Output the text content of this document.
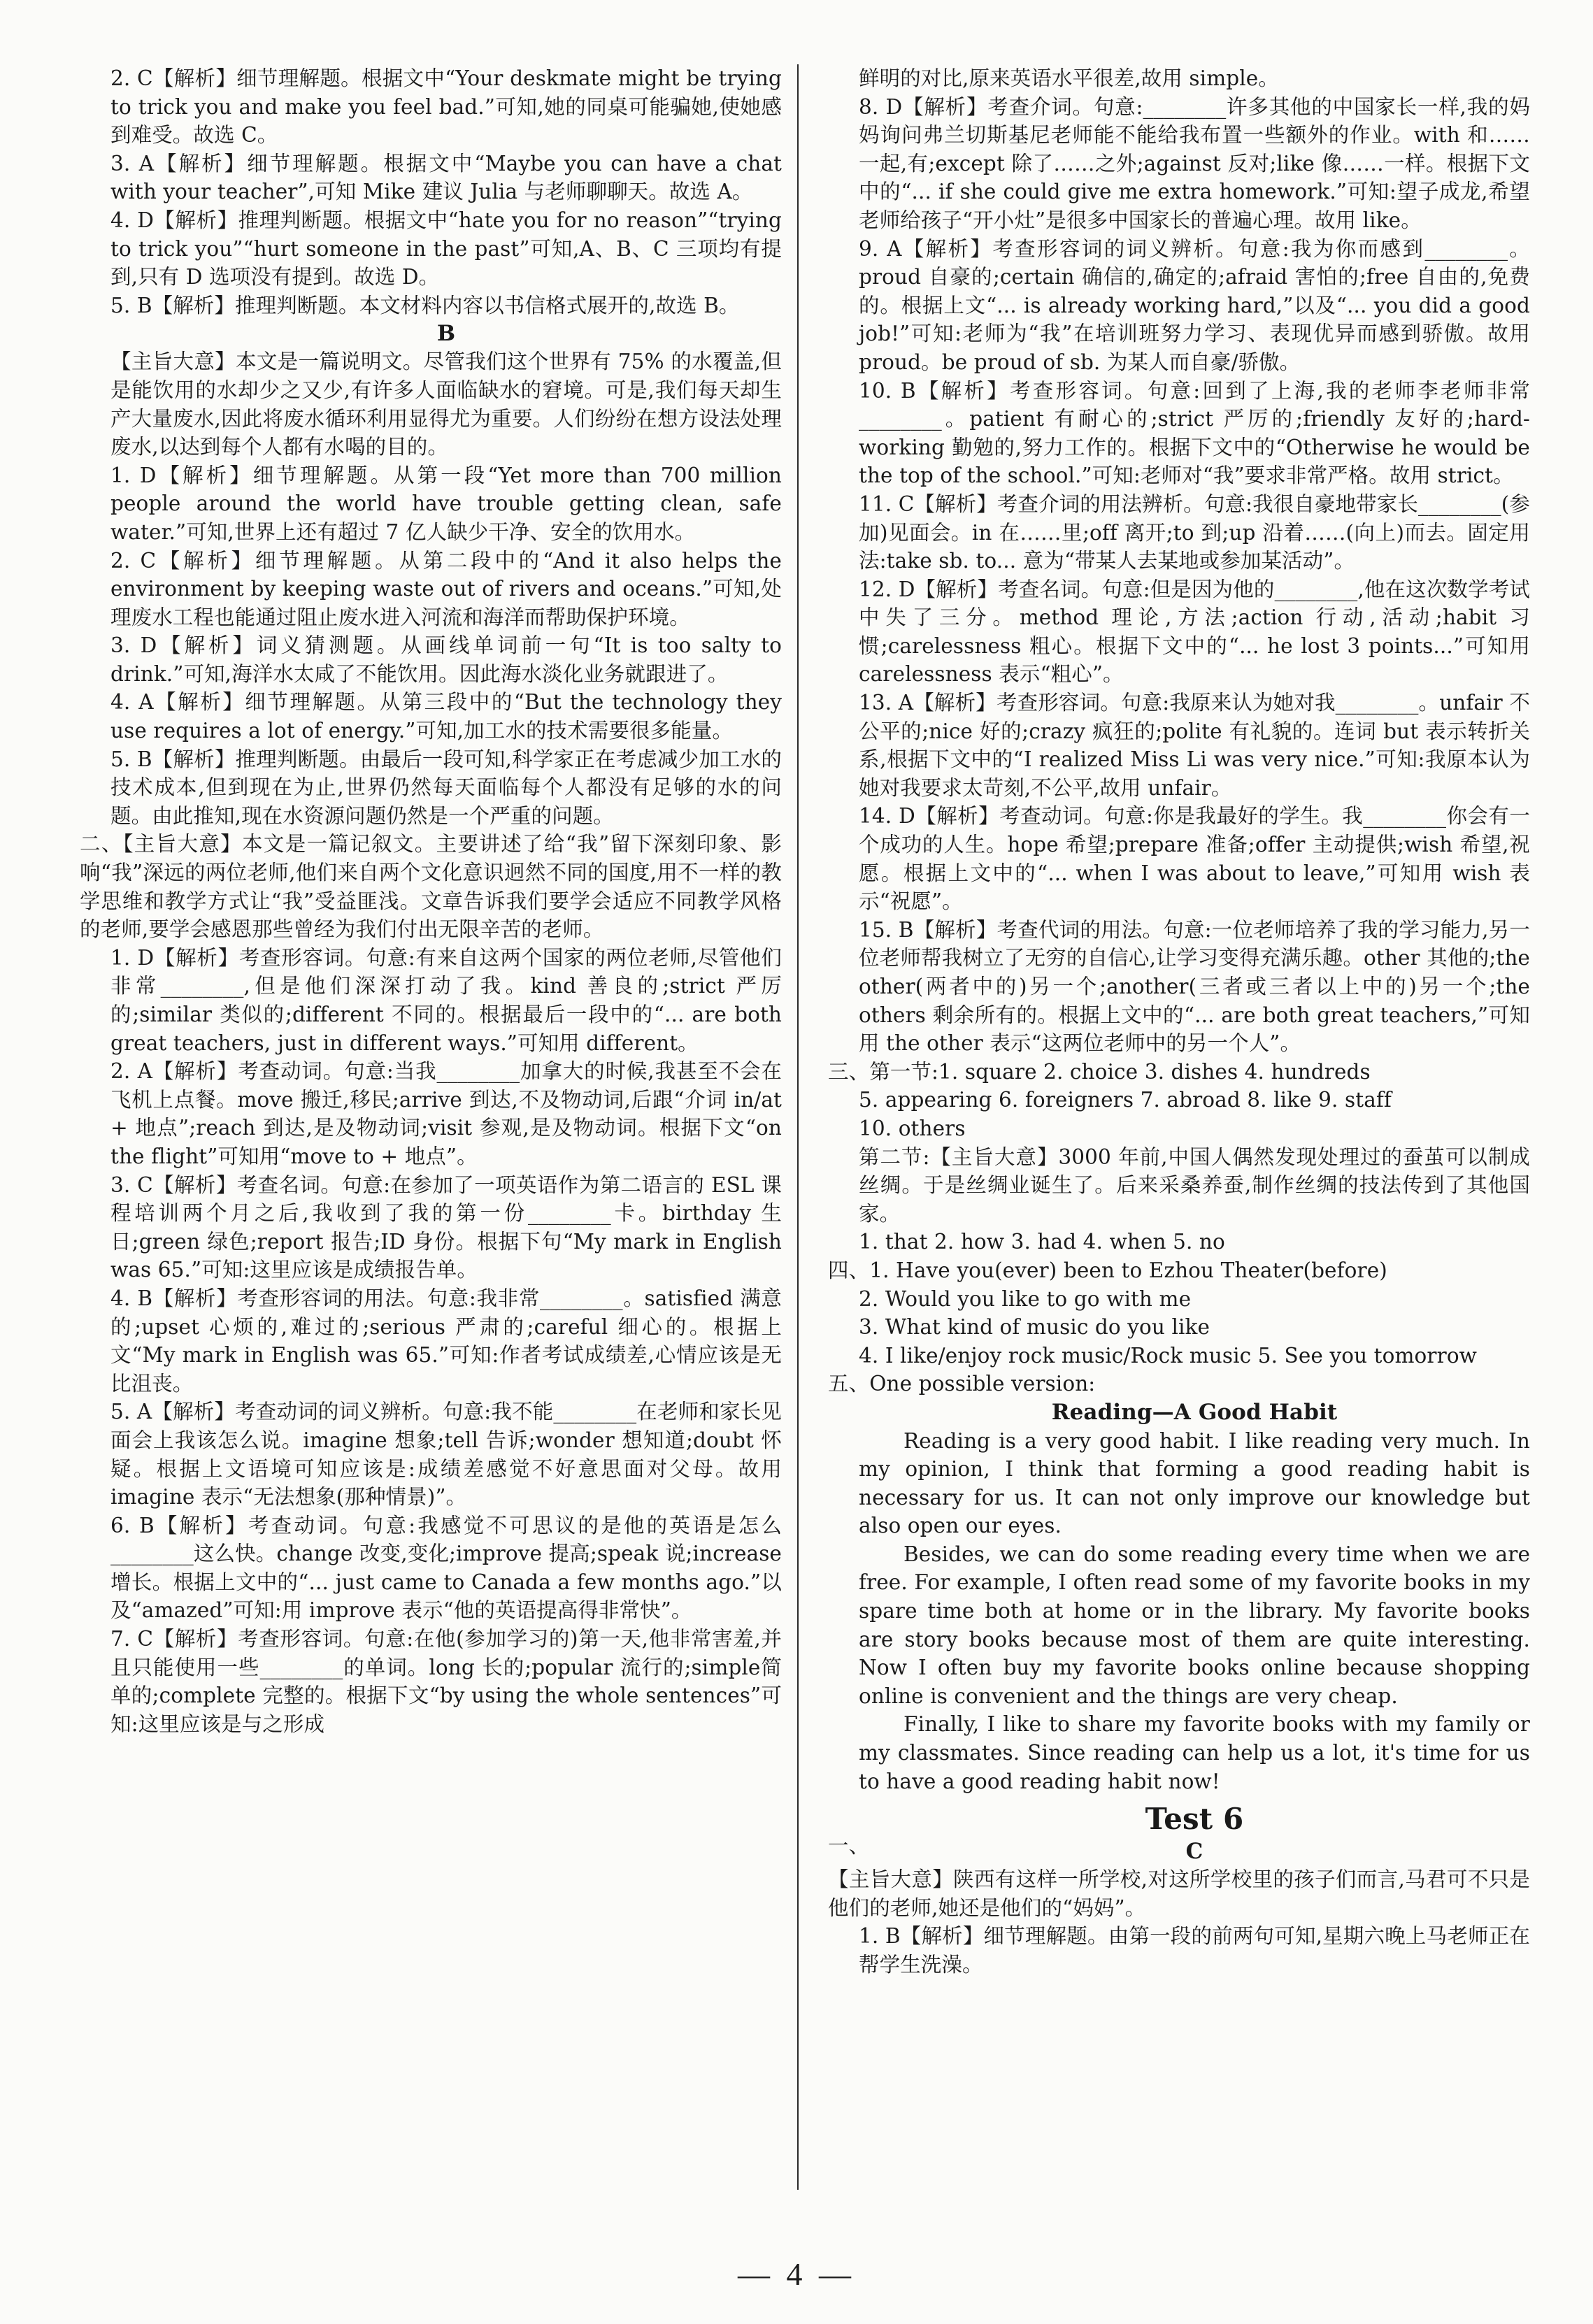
2. C【解析】细节理解题。根据文中“Your deskmate might be trying to trick you and make you feel bad.”可知,她的同桌可能骗她,使她感到难受。故选 C。

3. A【解析】细节理解题。根据文中“Maybe you can have a chat with your teacher”,可知 Mike 建议 Julia 与老师聊聊天。故选 A。

4. D【解析】推理判断题。根据文中“hate you for no reason”“trying to trick you”“hurt someone in the past”可知,A、B、C 三项均有提到,只有 D 选项没有提到。故选 D。

5. B【解析】推理判断题。本文材料内容以书信格式展开的,故选 B。

B

【主旨大意】本文是一篇说明文。尽管我们这个世界有 75% 的水覆盖,但是能饮用的水却少之又少,有许多人面临缺水的窘境。可是,我们每天却生产大量废水,因此将废水循环利用显得尤为重要。人们纷纷在想方设法处理废水,以达到每个人都有水喝的目的。

1. D【解析】细节理解题。从第一段“Yet more than 700 million people around the world have trouble getting clean, safe water.”可知,世界上还有超过 7 亿人缺少干净、安全的饮用水。

2. C【解析】细节理解题。从第二段中的“And it also helps the environment by keeping waste out of rivers and oceans.”可知,处理废水工程也能通过阻止废水进入河流和海洋而帮助保护环境。

3. D【解析】词义猜测题。从画线单词前一句“It is too salty to drink.”可知,海洋水太咸了不能饮用。因此海水淡化业务就跟进了。

4. A【解析】细节理解题。从第三段中的“But the technology they use requires a lot of energy.”可知,加工水的技术需要很多能量。

5. B【解析】推理判断题。由最后一段可知,科学家正在考虑减少加工水的技术成本,但到现在为止,世界仍然每天面临每个人都没有足够的水的问题。由此推知,现在水资源问题仍然是一个严重的问题。

二、【主旨大意】本文是一篇记叙文。主要讲述了给“我”留下深刻印象、影响“我”深远的两位老师,他们来自两个文化意识迥然不同的国度,用不一样的教学思维和教学方式让“我”受益匪浅。文章告诉我们要学会适应不同教学风格的老师,要学会感恩那些曾经为我们付出无限辛苦的老师。

1. D【解析】考查形容词。句意:有来自这两个国家的两位老师,尽管他们非常________,但是他们深深打动了我。kind 善良的;strict 严厉的;similar 类似的;different 不同的。根据最后一段中的“... are both great teachers, just in different ways.”可知用 different。

2. A【解析】考查动词。句意:当我________加拿大的时候,我甚至不会在飞机上点餐。move 搬迁,移民;arrive 到达,不及物动词,后跟“介词 in/at + 地点”;reach 到达,是及物动词;visit 参观,是及物动词。根据下文“on the flight”可知用“move to + 地点”。

3. C【解析】考查名词。句意:在参加了一项英语作为第二语言的 ESL 课程培训两个月之后,我收到了我的第一份________卡。birthday 生日;green 绿色;report 报告;ID 身份。根据下句“My mark in English was 65.”可知:这里应该是成绩报告单。

4. B【解析】考查形容词的用法。句意:我非常________。satisfied 满意的;upset 心烦的,难过的;serious 严肃的;careful 细心的。根据上文“My mark in English was 65.”可知:作者考试成绩差,心情应该是无比沮丧。

5. A【解析】考查动词的词义辨析。句意:我不能________在老师和家长见面会上我该怎么说。imagine 想象;tell 告诉;wonder 想知道;doubt 怀疑。根据上文语境可知应该是:成绩差感觉不好意思面对父母。故用 imagine 表示“无法想象(那种情景)”。

6. B【解析】考查动词。句意:我感觉不可思议的是他的英语是怎么________这么快。change 改变,变化;improve 提高;speak 说;increase增长。根据上文中的“... just came to Canada a few months ago.”以及“amazed”可知:用 improve 表示“他的英语提高得非常快”。

7. C【解析】考查形容词。句意:在他(参加学习的)第一天,他非常害羞,并且只能使用一些________的单词。long 长的;popular 流行的;simple简单的;complete 完整的。根据下文“by using the whole sentences”可知:这里应该是与之形成

鲜明的对比,原来英语水平很差,故用 simple。

8. D【解析】考查介词。句意:________许多其他的中国家长一样,我的妈妈询问弗兰切斯基尼老师能不能给我布置一些额外的作业。with 和……一起,有;except 除了……之外;against 反对;like 像……一样。根据下文中的“... if she could give me extra homework.”可知:望子成龙,希望老师给孩子“开小灶”是很多中国家长的普遍心理。故用 like。

9. A【解析】考查形容词的词义辨析。句意:我为你而感到________。proud 自豪的;certain 确信的,确定的;afraid 害怕的;free 自由的,免费的。根据上文“... is already working hard,”以及“... you did a good job!”可知:老师为“我”在培训班努力学习、表现优异而感到骄傲。故用 proud。be proud of sb. 为某人而自豪/骄傲。

10. B【解析】考查形容词。句意:回到了上海,我的老师李老师非常________。patient 有耐心的;strict 严厉的;friendly 友好的;hard-working 勤勉的,努力工作的。根据下文中的“Otherwise he would be the top of the school.”可知:老师对“我”要求非常严格。故用 strict。

11. C【解析】考查介词的用法辨析。句意:我很自豪地带家长________(参加)见面会。in 在……里;off 离开;to 到;up 沿着……(向上)而去。固定用法:take sb. to... 意为“带某人去某地或参加某活动”。

12. D【解析】考查名词。句意:但是因为他的________,他在这次数学考试中失了三分。method 理论,方法;action 行动,活动;habit 习惯;carelessness 粗心。根据下文中的“... he lost 3 points...”可知用 carelessness 表示“粗心”。

13. A【解析】考查形容词。句意:我原来认为她对我________。unfair 不公平的;nice 好的;crazy 疯狂的;polite 有礼貌的。连词 but 表示转折关系,根据下文中的“I realized Miss Li was very nice.”可知:我原本认为她对我要求太苛刻,不公平,故用 unfair。

14. D【解析】考查动词。句意:你是我最好的学生。我________你会有一个成功的人生。hope 希望;prepare 准备;offer 主动提供;wish 希望,祝愿。根据上文中的“... when I was about to leave,”可知用 wish 表示“祝愿”。

15. B【解析】考查代词的用法。句意:一位老师培养了我的学习能力,另一位老师帮我树立了无穷的自信心,让学习变得充满乐趣。other 其他的;the other(两者中的)另一个;another(三者或三者以上中的)另一个;the others 剩余所有的。根据上文中的“... are both great teachers,”可知用 the other 表示“这两位老师中的另一个人”。

三、第一节:1. square 2. choice 3. dishes 4. hundreds

5. appearing 6. foreigners 7. abroad 8. like 9. staff

10. others

第二节:【主旨大意】3000 年前,中国人偶然发现处理过的蚕茧可以制成丝绸。于是丝绸业诞生了。后来采桑养蚕,制作丝绸的技法传到了其他国家。

1. that 2. how 3. had 4. when 5. no

四、1. Have you(ever) been to Ezhou Theater(before)

2. Would you like to go with me

3. What kind of music do you like

4. I like/enjoy rock music/Rock music 5. See you tomorrow

五、One possible version:

Reading—A Good Habit

Reading is a very good habit. I like reading very much. In my opinion, I think that forming a good reading habit is necessary for us. It can not only improve our knowledge but also open our eyes.

Besides, we can do some reading every time when we are free. For example, I often read some of my favorite books in my spare time both at home or in the library. My favorite books are story books because most of them are quite interesting. Now I often buy my favorite books online because shopping online is convenient and the things are very cheap.

Finally, I like to share my favorite books with my family or my classmates. Since reading can help us a lot, it's time for us to have a good reading habit now!

Test 6

一、	C

【主旨大意】陕西有这样一所学校,对这所学校里的孩子们而言,马君可不只是他们的老师,她还是他们的“妈妈”。

1. B【解析】细节理解题。由第一段的前两句可知,星期六晚上马老师正在帮学生洗澡。

— 4 —
